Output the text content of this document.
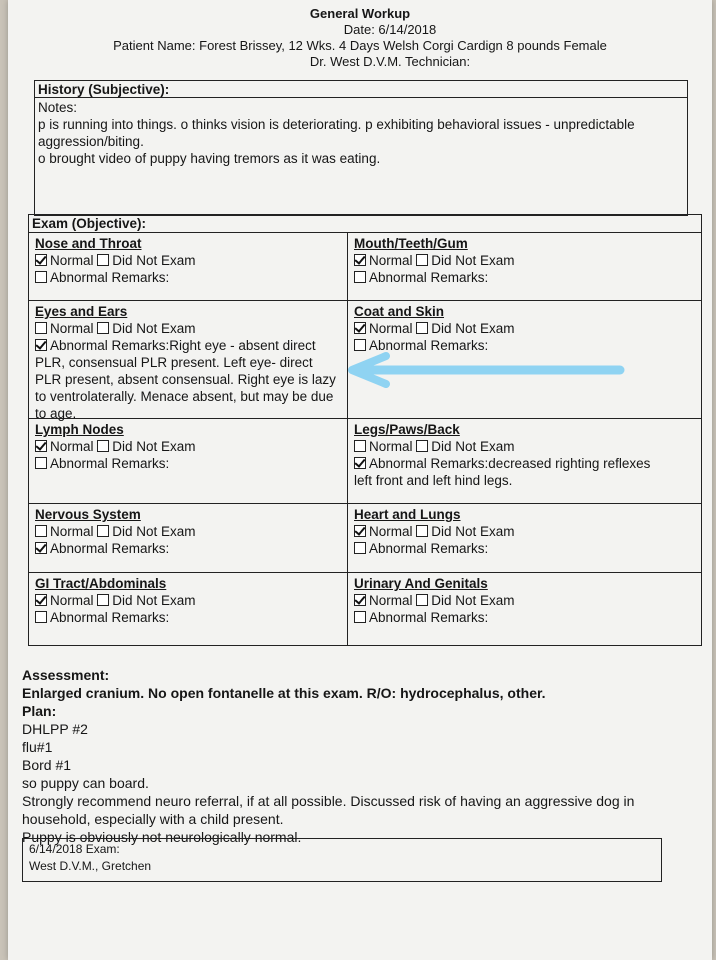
General Workup
Date: 6/14/2018
Patient Name: Forest Brissey, 12 Wks. 4 Days Welsh Corgi Cardign 8 pounds Female
Dr. West D.V.M. Technician:
History (Subjective):
Notes:
p is running into things. o thinks vision is deteriorating. p exhibiting behavioral issues - unpredictable
aggression/biting.
o brought video of puppy having tremors as it was eating.
Exam (Objective):
Nose and Throat
Normal Did Not Exam
Abnormal Remarks:
Mouth/Teeth/Gum
Normal Did Not Exam
Abnormal Remarks:
Eyes and Ears
Normal Did Not Exam
Abnormal Remarks:Right eye - absent direct PLR, consensual PLR present. Left eye- direct PLR present, absent consensual. Right eye is lazy to ventrolaterally. Menace absent, but may be due to age.
Coat and Skin
Normal Did Not Exam
Abnormal Remarks:
Lymph Nodes
Normal Did Not Exam
Abnormal Remarks:
Legs/Paws/Back
Normal Did Not Exam
Abnormal Remarks:decreased righting reflexes left front and left hind legs.
Nervous System
Normal Did Not Exam
Abnormal Remarks:
Heart and Lungs
Normal Did Not Exam
Abnormal Remarks:
GI Tract/Abdominals
Normal Did Not Exam
Abnormal Remarks:
Urinary And Genitals
Normal Did Not Exam
Abnormal Remarks:
Assessment:
Enlarged cranium. No open fontanelle at this exam. R/O: hydrocephalus, other.
Plan:
DHLPP #2
flu#1
Bord #1
so puppy can board.
Strongly recommend neuro referral, if at all possible. Discussed risk of having an aggressive dog in
household, especially with a child present.
Puppy is obviously not neurologically normal.
6/14/2018 Exam:
West D.V.M., Gretchen
